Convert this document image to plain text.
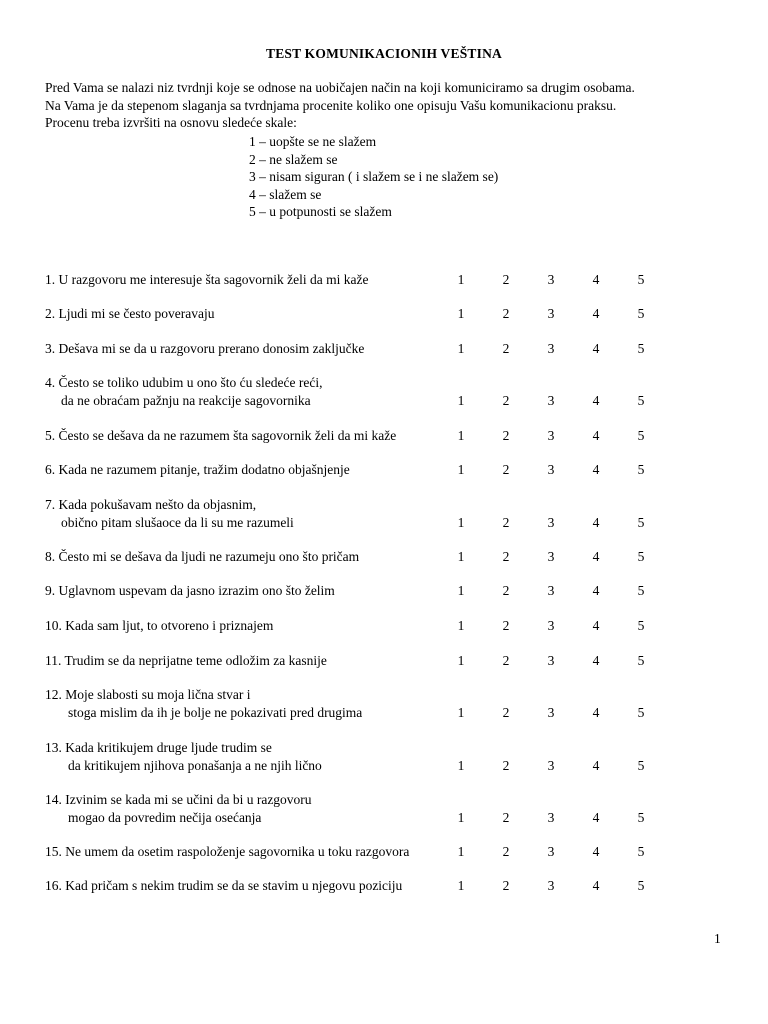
TEST KOMUNIKACIONIH VEŠTINA
Pred Vama se nalazi niz tvrdnji koje se odnose na uobičajen način na koji komuniciramo sa drugim osobama.
Na Vama je da stepenom slaganja sa tvrdnjama procenite koliko one opisuju Vašu komunikacionu praksu.
Procenu treba izvršiti na osnovu sledeće skale:
1 – uopšte se ne slažem
2 – ne slažem se
3 – nisam siguran ( i slažem se i ne slažem se)
4 – slažem se
5 – u potpunosti se slažem
1. U razgovoru me interesuje šta sagovornik želi da mi kaže	1	2	3	4	5
2. Ljudi mi se često poveravaju	1	2	3	4	5
3. Dešava mi se da u razgovoru prerano donosim zaključke	1	2	3	4	5
4. Često se toliko udubim u ono što ću sledeće reći,
da ne obraćam pažnju na reakcije sagovornika	1	2	3	4	5
5. Često se dešava da ne razumem šta sagovornik želi da mi kaže	1	2	3	4	5
6. Kada ne razumem pitanje, tražim dodatno objašnjenje	1	2	3	4	5
7. Kada pokušavam nešto da objasnim,
obično pitam slušaoce da li su me razumeli	1	2	3	4	5
8. Često mi se dešava da ljudi ne razumeju ono što pričam	1	2	3	4	5
9. Uglavnom uspevam da jasno izrazim ono što želim	1	2	3	4	5
10. Kada sam ljut, to otvoreno i priznajem	1	2	3	4	5
11. Trudim se da neprijatne teme odložim za kasnije	1	2	3	4	5
12. Moje slabosti su moja lična stvar i
stoga mislim da ih je bolje ne pokazivati pred drugima	1	2	3	4	5
13. Kada kritikujem druge ljude trudim se
da kritikujem njihova ponašanja a ne njih lično	1	2	3	4	5
14. Izvinim se kada mi se učini da bi u razgovoru
mogao da povredim nečija osećanja	1	2	3	4	5
15. Ne umem da osetim raspoloženje sagovornika u toku razgovora	1	2	3	4	5
16. Kad pričam s nekim trudim se da se stavim u njegovu poziciju	1	2	3	4	5
1
